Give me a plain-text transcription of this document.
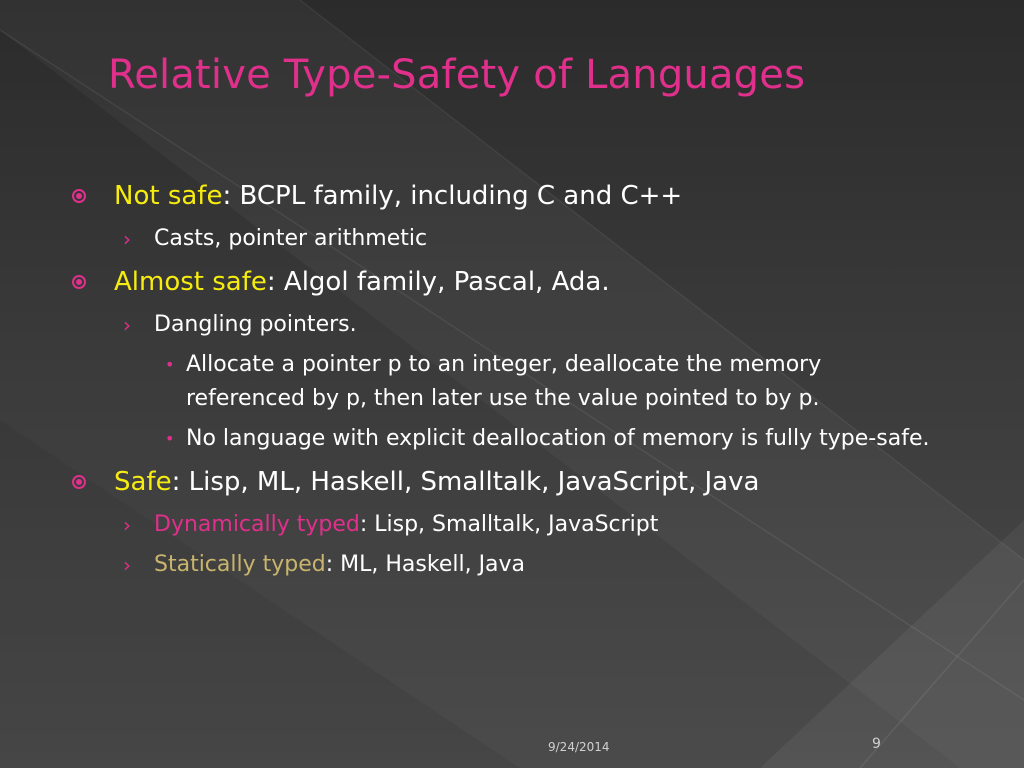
Relative Type-Safety of Languages
Not safe: BCPL family, including C and C++
› Casts, pointer arithmetic
Almost safe: Algol family, Pascal, Ada.
› Dangling pointers.
• Allocate a pointer p to an integer, deallocate the memory referenced by p, then later use the value pointed to by p.
• No language with explicit deallocation of memory is fully type-safe.
Safe: Lisp, ML, Haskell, Smalltalk, JavaScript, Java
› Dynamically typed: Lisp, Smalltalk, JavaScript
› Statically typed: ML, Haskell, Java
9/24/2014	9
